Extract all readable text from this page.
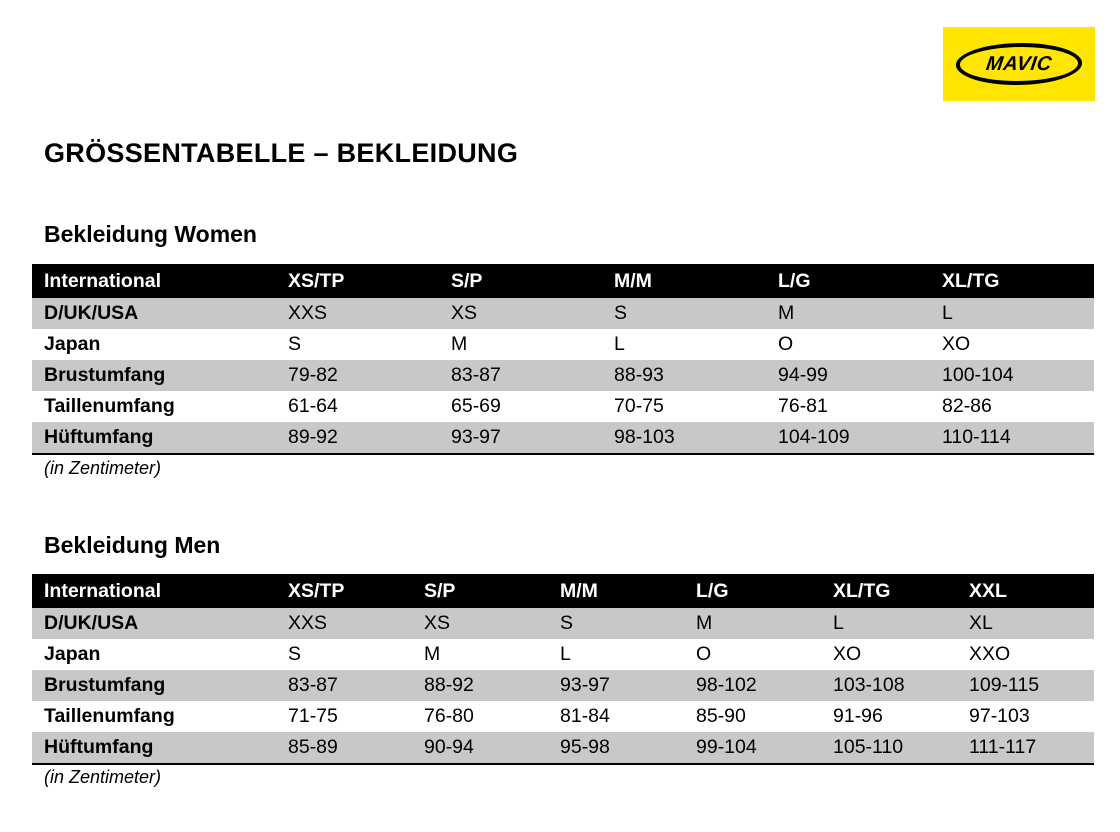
MAVIC
GRÖSSENTABELLE – BEKLEIDUNG
Bekleidung Women
International	XS/TP	S/P	M/M	L/G	XL/TG
D/UK/USA	XXS	XS	S	M	L
Japan	S	M	L	O	XO
Brustumfang	79-82	83-87	88-93	94-99	100-104
Taillenumfang	61-64	65-69	70-75	76-81	82-86
Hüftumfang	89-92	93-97	98-103	104-109	110-114

(in Zentimeter)

Bekleidung Men
International	XS/TP	S/P	M/M	L/G	XL/TG	XXL
D/UK/USA	XXS	XS	S	M	L	XL
Japan	S	M	L	O	XO	XXO
Brustumfang	83-87	88-92	93-97	98-102	103-108	109-115
Taillenumfang	71-75	76-80	81-84	85-90	91-96	97-103
Hüftumfang	85-89	90-94	95-98	99-104	105-110	111-117

(in Zentimeter)
